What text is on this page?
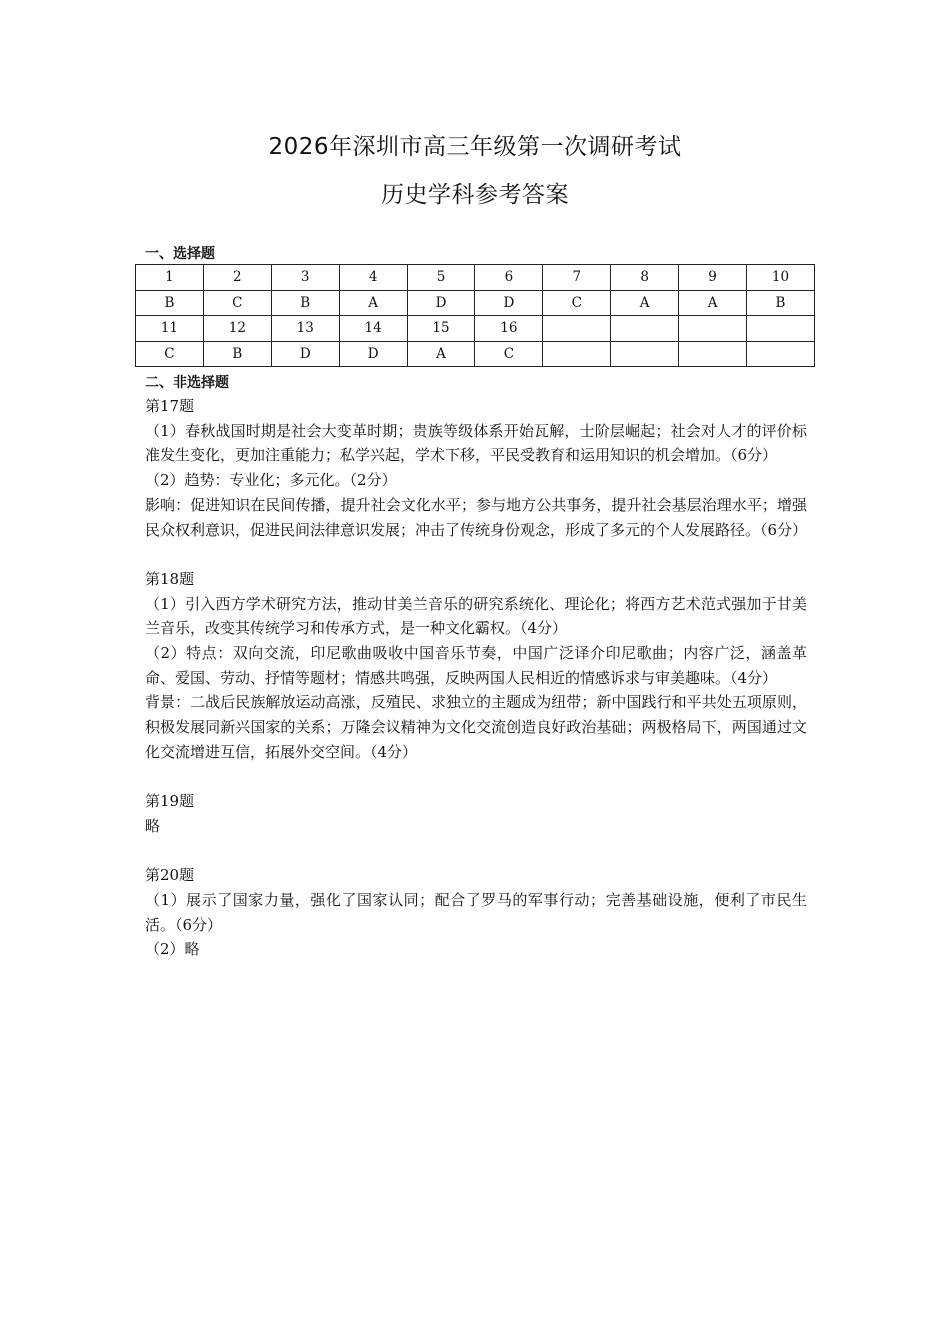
2026年深圳市高三年级第一次调研考试
历史学科参考答案
一、选择题
1	2	3	4	5	6	7	8	9	10
B	C	B	A	D	D	C	A	A	B
11	12	13	14	15	16				
C	B	D	D	A	C				
二、非选择题

第17题

（1）春秋战国时期是社会大变革时期；贵族等级体系开始瓦解，士阶层崛起；社会对人才的评价标准发生变化，更加注重能力；私学兴起，学术下移，平民受教育和运用知识的机会增加。（6分）

（2）趋势：专业化；多元化。（2分）

影响：促进知识在民间传播，提升社会文化水平；参与地方公共事务，提升社会基层治理水平；增强民众权利意识，促进民间法律意识发展；冲击了传统身份观念，形成了多元的个人发展路径。（6分）

第18题

（1）引入西方学术研究方法，推动甘美兰音乐的研究系统化、理论化；将西方艺术范式强加于甘美兰音乐，改变其传统学习和传承方式，是一种文化霸权。（4分）

（2）特点：双向交流，印尼歌曲吸收中国音乐节奏，中国广泛译介印尼歌曲；内容广泛，涵盖革命、爱国、劳动、抒情等题材；情感共鸣强，反映两国人民相近的情感诉求与审美趣味。（4分）

背景：二战后民族解放运动高涨，反殖民、求独立的主题成为纽带；新中国践行和平共处五项原则，积极发展同新兴国家的关系；万隆会议精神为文化交流创造良好政治基础；两极格局下，两国通过文化交流增进互信，拓展外交空间。（4分）

第19题

略

第20题

（1）展示了国家力量，强化了国家认同；配合了罗马的军事行动；完善基础设施，便利了市民生活。（6分）

（2）略
